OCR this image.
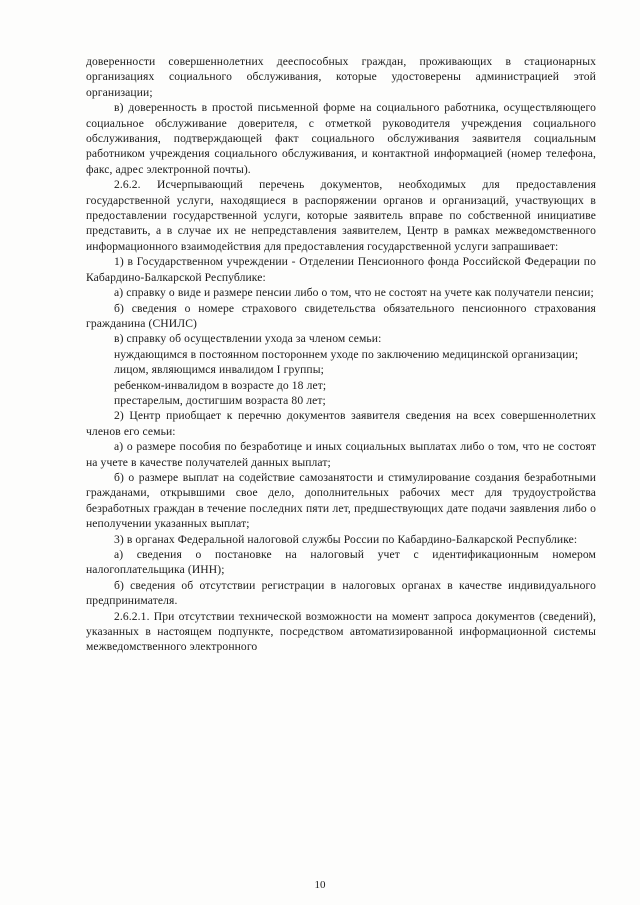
доверенности совершеннолетних дееспособных граждан, проживающих в стационарных организациях социального обслуживания, которые удостоверены администрацией этой организации;

в) доверенность в простой письменной форме на социального работника, осуществляющего социальное обслуживание доверителя, с отметкой руководителя учреждения социального обслуживания, подтверждающей факт социального обслуживания заявителя социальным работником учреждения социального обслуживания, и контактной информацией (номер телефона, факс, адрес электронной почты).

2.6.2. Исчерпывающий перечень документов, необходимых для предоставления государственной услуги, находящиеся в распоряжении органов и организаций, участвующих в предоставлении государственной услуги, которые заявитель вправе по собственной инициативе представить, а в случае их не непредставления заявителем, Центр в рамках межведомственного информационного взаимодействия для предоставления государственной услуги запрашивает:

1) в Государственном учреждении - Отделении Пенсионного фонда Российской Федерации по Кабардино-Балкарской Республике:

а) справку о виде и размере пенсии либо о том, что не состоят на учете как получатели пенсии;

б) сведения о номере страхового свидетельства обязательного пенсионного страхования гражданина (СНИЛС)

в) справку об осуществлении ухода за членом семьи:

нуждающимся в постоянном постороннем уходе по заключению медицинской организации;

лицом, являющимся инвалидом I группы;

ребенком-инвалидом в возрасте до 18 лет;

престарелым, достигшим возраста 80 лет;

2) Центр приобщает к перечню документов заявителя сведения на всех совершеннолетних членов его семьи:

а) о размере пособия по безработице и иных социальных выплатах либо о том, что не состоят на учете в качестве получателей данных выплат;

б) о размере выплат на содействие самозанятости и стимулирование создания безработными гражданами, открывшими свое дело, дополнительных рабочих мест для трудоустройства безработных граждан в течение последних пяти лет, предшествующих дате подачи заявления либо о неполучении указанных выплат;

3) в органах Федеральной налоговой службы России по Кабардино-Балкарской Республике:

а) сведения о постановке на налоговый учет с идентификационным номером налогоплательщика (ИНН);

б) сведения об отсутствии регистрации в налоговых органах в качестве индивидуального предпринимателя.

2.6.2.1. При отсутствии технической возможности на момент запроса документов (сведений), указанных в настоящем подпункте, посредством автоматизированной информационной системы межведомственного электронного

10
